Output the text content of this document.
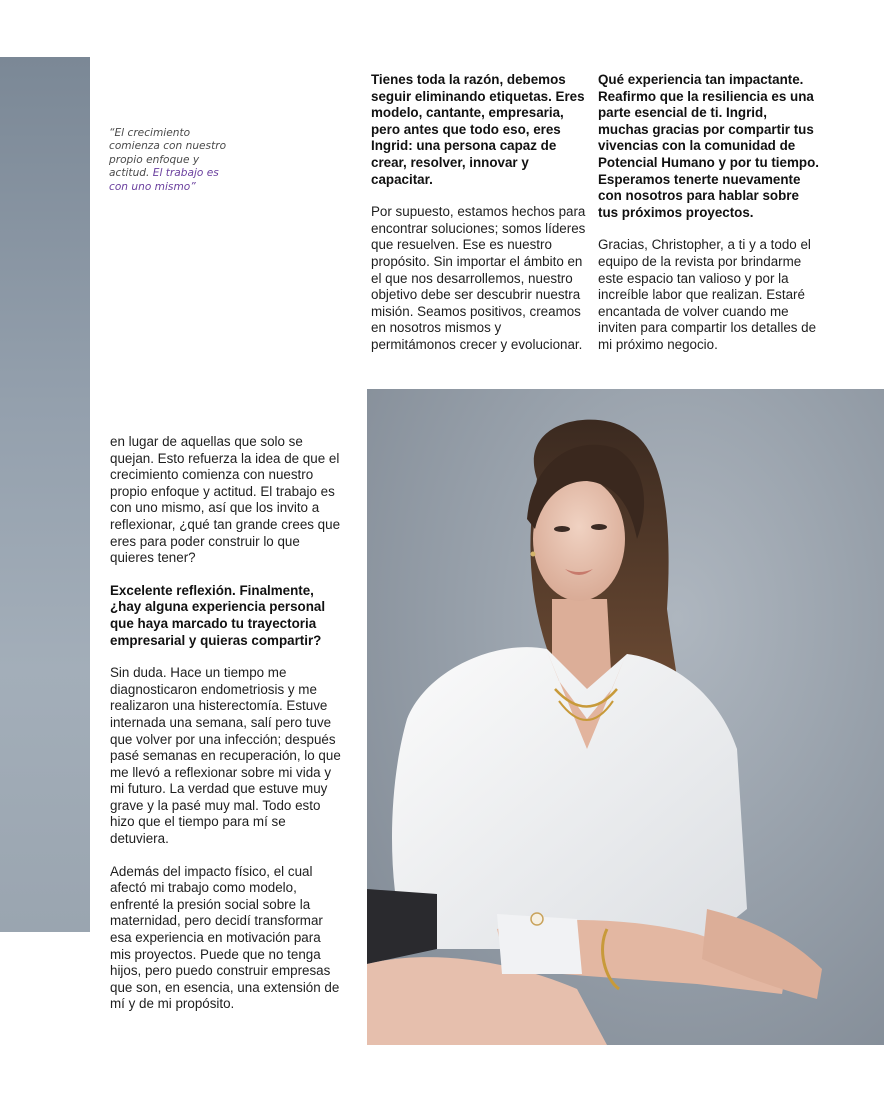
“El crecimiento comienza con nuestro propio enfoque y actitud. El trabajo es con uno mismo”

Tienes toda la razón, debemos seguir eliminando etiquetas. Eres modelo, cantante, empresaria, pero antes que todo eso, eres Ingrid: una persona capaz de crear, resolver, innovar y capacitar.

Por supuesto, estamos hechos para encontrar soluciones; somos líderes que resuelven. Ese es nuestro propósito. Sin importar el ámbito en el que nos desarrollemos, nuestro objetivo debe ser descubrir nuestra misión. Seamos positivos, creamos en nosotros mismos y permitámonos crecer y evolucionar.

Qué experiencia tan impactante. Reafirmo que la resiliencia es una parte esencial de ti. Ingrid, muchas gracias por compartir tus vivencias con la comunidad de Potencial Humano y por tu tiempo. Esperamos tenerte nuevamente con nosotros para hablar sobre tus próximos proyectos.

Gracias, Christopher, a ti y a todo el equipo de la revista por brindarme este espacio tan valioso y por la increíble labor que realizan. Estaré encantada de volver cuando me inviten para compartir los detalles de mi próximo negocio.

en lugar de aquellas que solo se quejan. Esto refuerza la idea de que el crecimiento comienza con nuestro propio enfoque y actitud. El trabajo es con uno mismo, así que los invito a reflexionar, ¿qué tan grande crees que eres para poder construir lo que quieres tener?

Excelente reflexión. Finalmente, ¿hay alguna experiencia personal que haya marcado tu trayectoria empresarial y quieras compartir?

Sin duda. Hace un tiempo me diagnosticaron endometriosis y me realizaron una histerectomía. Estuve internada una semana, salí pero tuve que volver por una infección; después pasé semanas en recuperación, lo que me llevó a reflexionar sobre mi vida y mi futuro. La verdad que estuve muy grave y la pasé muy mal. Todo esto hizo que el tiempo para mí se detuviera.

Además del impacto físico, el cual afectó mi trabajo como modelo, enfrenté la presión social sobre la maternidad, pero decidí transformar esa experiencia en motivación para mis proyectos. Puede que no tenga hijos, pero puedo construir empresas que son, en esencia, una extensión de mí y de mi propósito.
